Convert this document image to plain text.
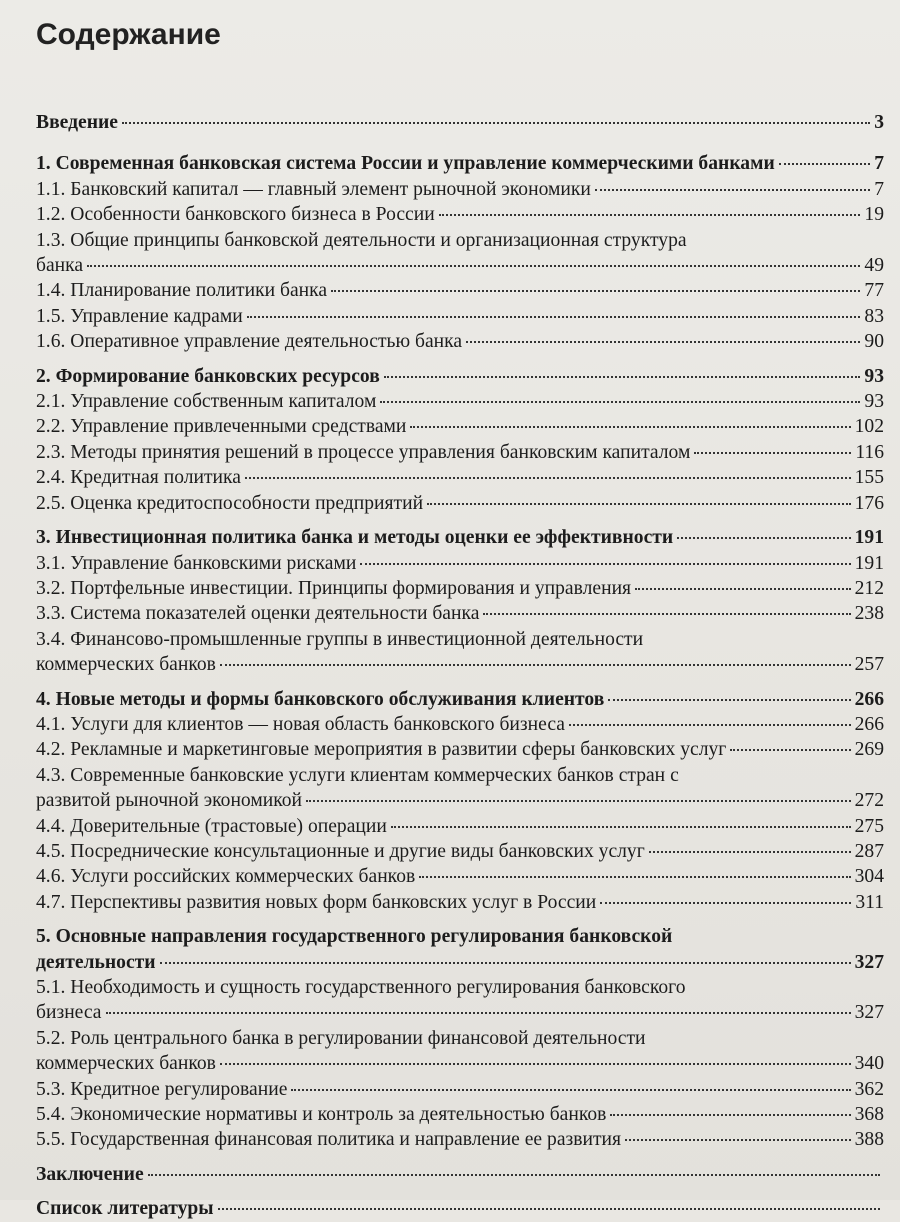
Содержание
Введение	3
1. Современная банковская система России и управление коммерческими банками	7
1.1. Банковский капитал — главный элемент рыночной экономики	7
1.2. Особенности банковского бизнеса в России	19
1.3. Общие принципы банковской деятельности и организационная структура
банка	49
1.4. Планирование политики банка	77
1.5. Управление кадрами	83
1.6. Оперативное управление деятельностью банка	90
2. Формирование банковских ресурсов	93
2.1. Управление собственным капиталом	93
2.2. Управление привлеченными средствами	102
2.3. Методы принятия решений в процессе управления банковским капиталом	116
2.4. Кредитная политика	155
2.5. Оценка кредитоспособности предприятий	176
3. Инвестиционная политика банка и методы оценки ее эффективности	191
3.1. Управление банковскими рисками	191
3.2. Портфельные инвестиции. Принципы формирования и управления	212
3.3. Система показателей оценки деятельности банка	238
3.4. Финансово-промышленные группы в инвестиционной деятельности
коммерческих банков	257
4. Новые методы и формы банковского обслуживания клиентов	266
4.1. Услуги для клиентов — новая область банковского бизнеса	266
4.2. Рекламные и маркетинговые мероприятия в развитии сферы банковских услуг	269
4.3. Современные банковские услуги клиентам коммерческих банков стран с
развитой рыночной экономикой	272
4.4. Доверительные (трастовые) операции	275
4.5. Посреднические консультационные и другие виды банковских услуг	287
4.6. Услуги российских коммерческих банков	304
4.7. Перспективы развития новых форм банковских услуг в России	311
5. Основные направления государственного регулирования банковской
деятельности	327
5.1. Необходимость и сущность государственного регулирования банковского
бизнеса	327
5.2. Роль центрального банка в регулировании финансовой деятельности
коммерческих банков	340
5.3. Кредитное регулирование	362
5.4. Экономические нормативы и контроль за деятельностью банков	368
5.5. Государственная финансовая политика и направление ее развития	388
Заключение
Список литературы
